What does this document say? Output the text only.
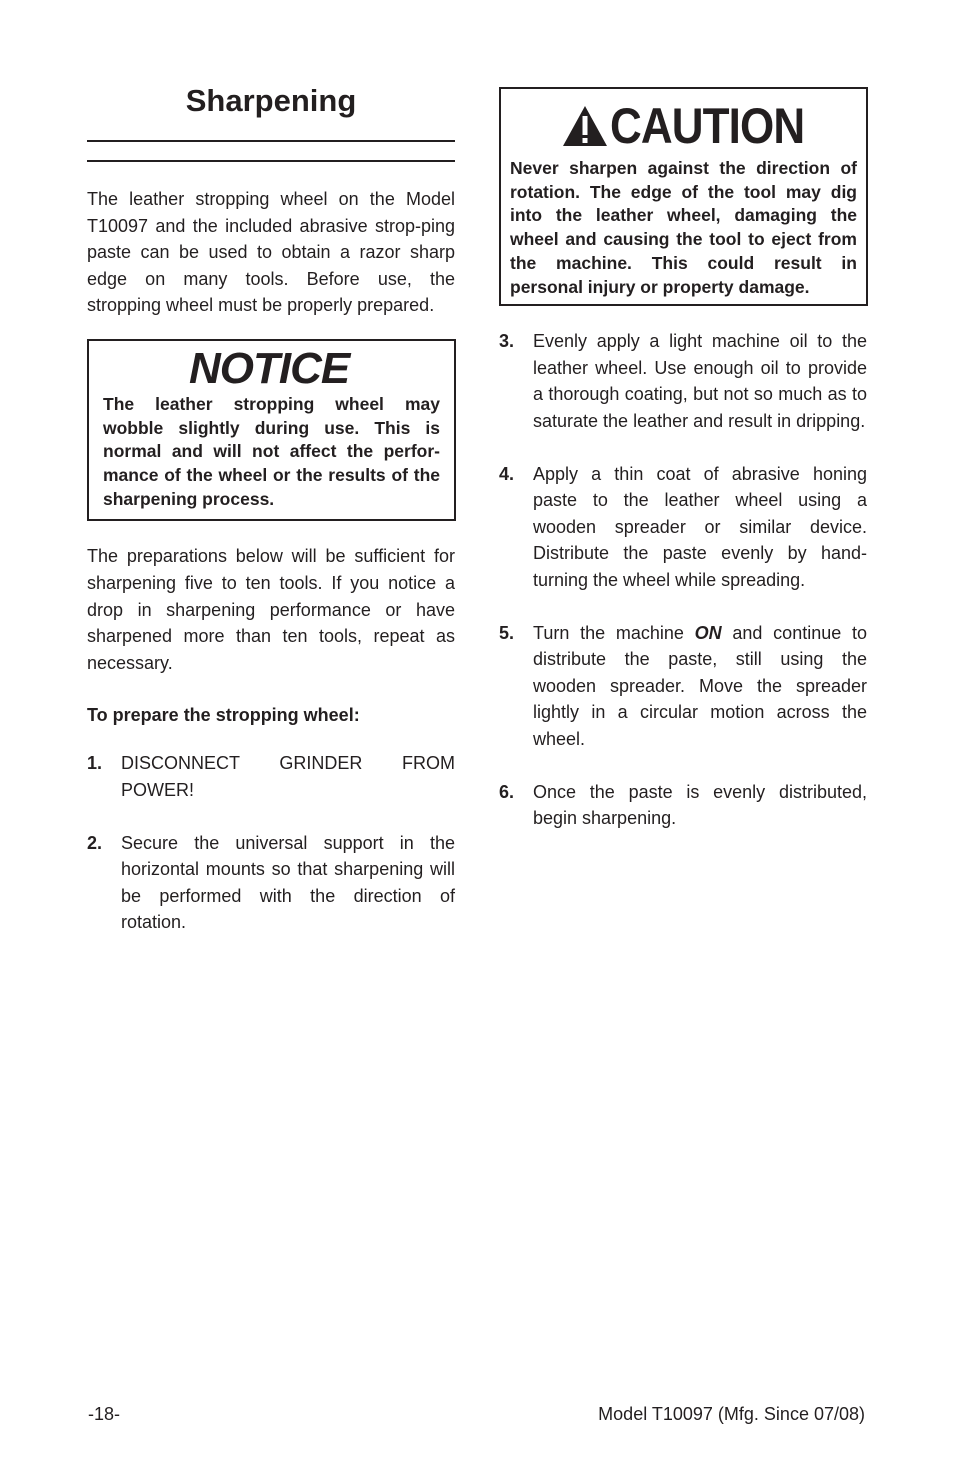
Sharpening

The leather stropping wheel on the Model T10097 and the included abrasive strop-ping paste can be used to obtain a razor sharp edge on many tools. Before use, the stropping wheel must be properly prepared.

NOTICE

The leather stropping wheel may wobble slightly during use. This is normal and will not affect the perfor-mance of the wheel or the results of the sharpening process.

The preparations below will be sufficient for sharpening five to ten tools. If you notice a drop in sharpening performance or have sharpened more than ten tools, repeat as necessary.

To prepare the stropping wheel:

1.	DISCONNECT GRINDER FROM POWER!
2.	Secure the universal support in the horizontal mounts so that sharpening will be performed with the direction of rotation.
CAUTION

Never sharpen against the direction of rotation. The edge of the tool may dig into the leather wheel, damaging the wheel and causing the tool to eject from the machine. This could result in personal injury or property damage.

3.	Evenly apply a light machine oil to the leather wheel. Use enough oil to provide a thorough coating, but not so much as to saturate the leather and result in dripping.
4.	Apply a thin coat of abrasive honing paste to the leather wheel using a wooden spreader or similar device. Distribute the paste evenly by hand-turning the wheel while spreading.
5.	Turn the machine ON and continue to distribute the paste, still using the wooden spreader. Move the spreader lightly in a circular motion across the wheel.
6.	Once the paste is evenly distributed, begin sharpening.
-18-	Model T10097 (Mfg. Since 07/08)
